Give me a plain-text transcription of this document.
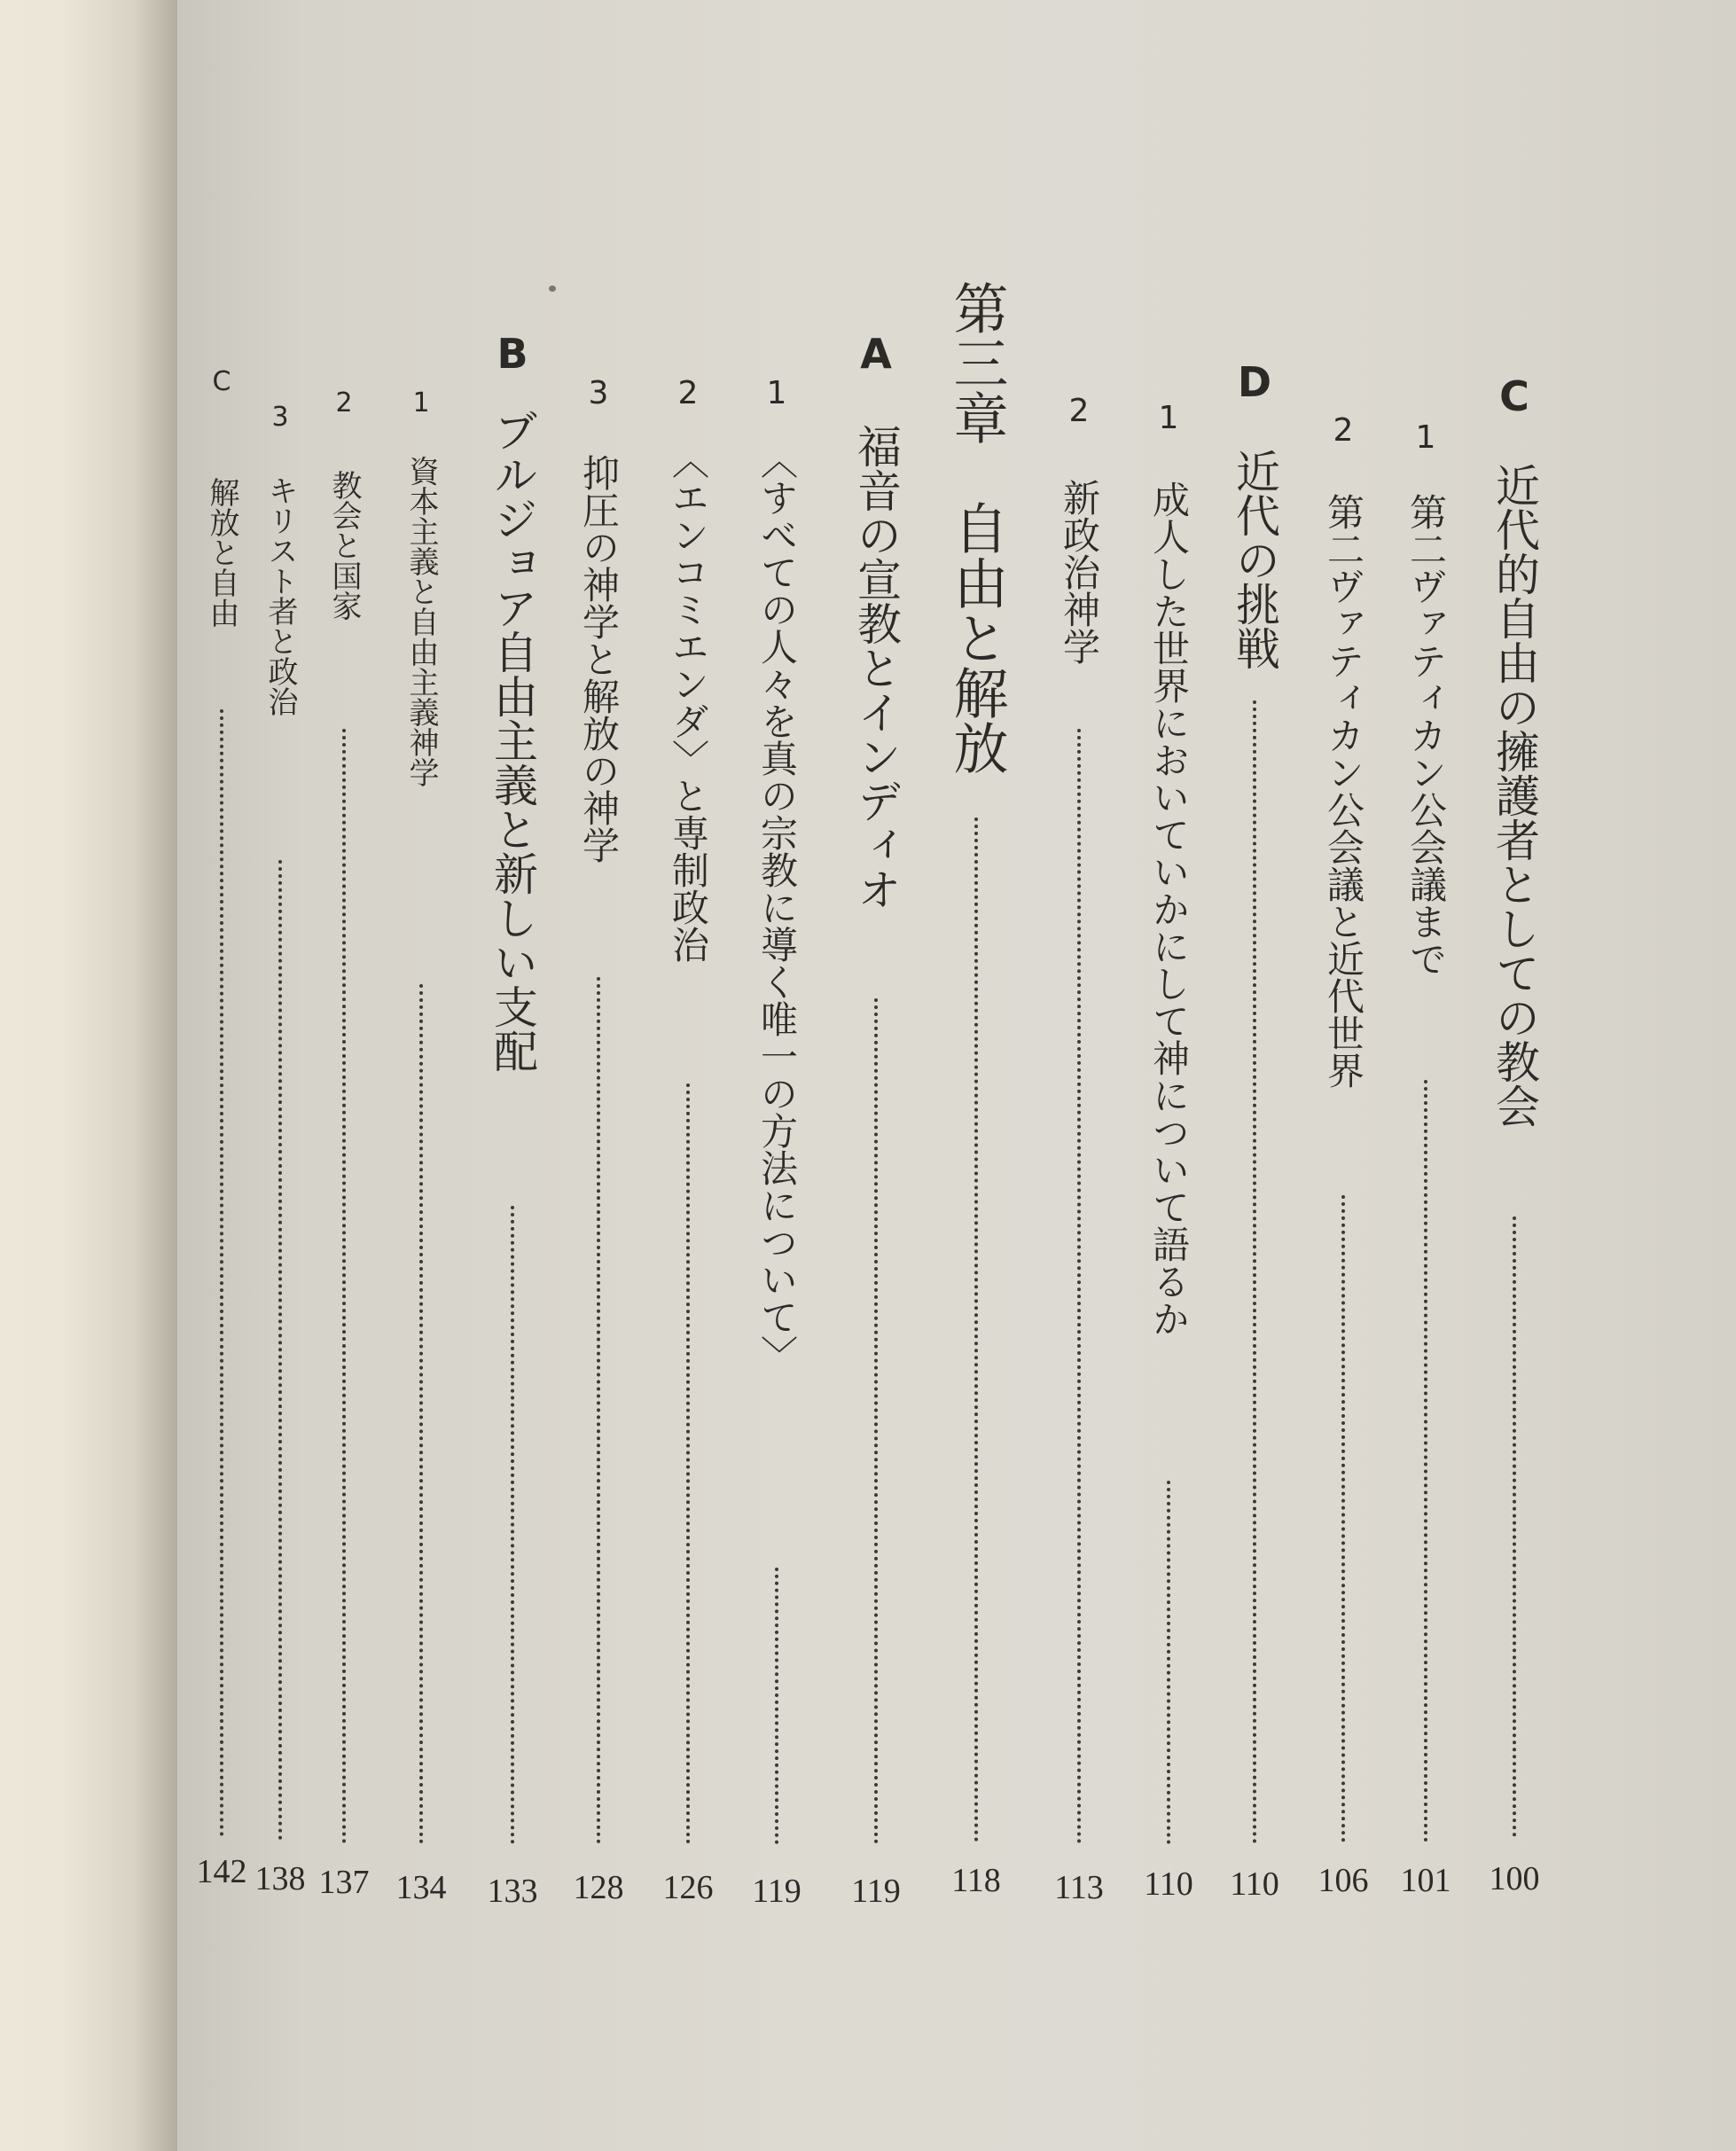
C
近代的自由の擁護者としての教会
100
1
第二ヴァティカン公会議まで
101
2
第二ヴァティカン公会議と近代世界
106
D
近代の挑戦
110
1
成人した世界においていかにして神について語るか
110
2
新政治神学
113
第三章　自由と解放
118
A
福音の宣教とインディオ
119
1
〈すべての人々を真の宗教に導く唯一の方法について〉
119
2
〈エンコミエンダ〉と専制政治
126
3
抑圧の神学と解放の神学
128
B
ブルジョア自由主義と新しい支配
133
1
資本主義と自由主義神学
134
2
教会と国家
137
3
キリスト者と政治
138
C
解放と自由
142
